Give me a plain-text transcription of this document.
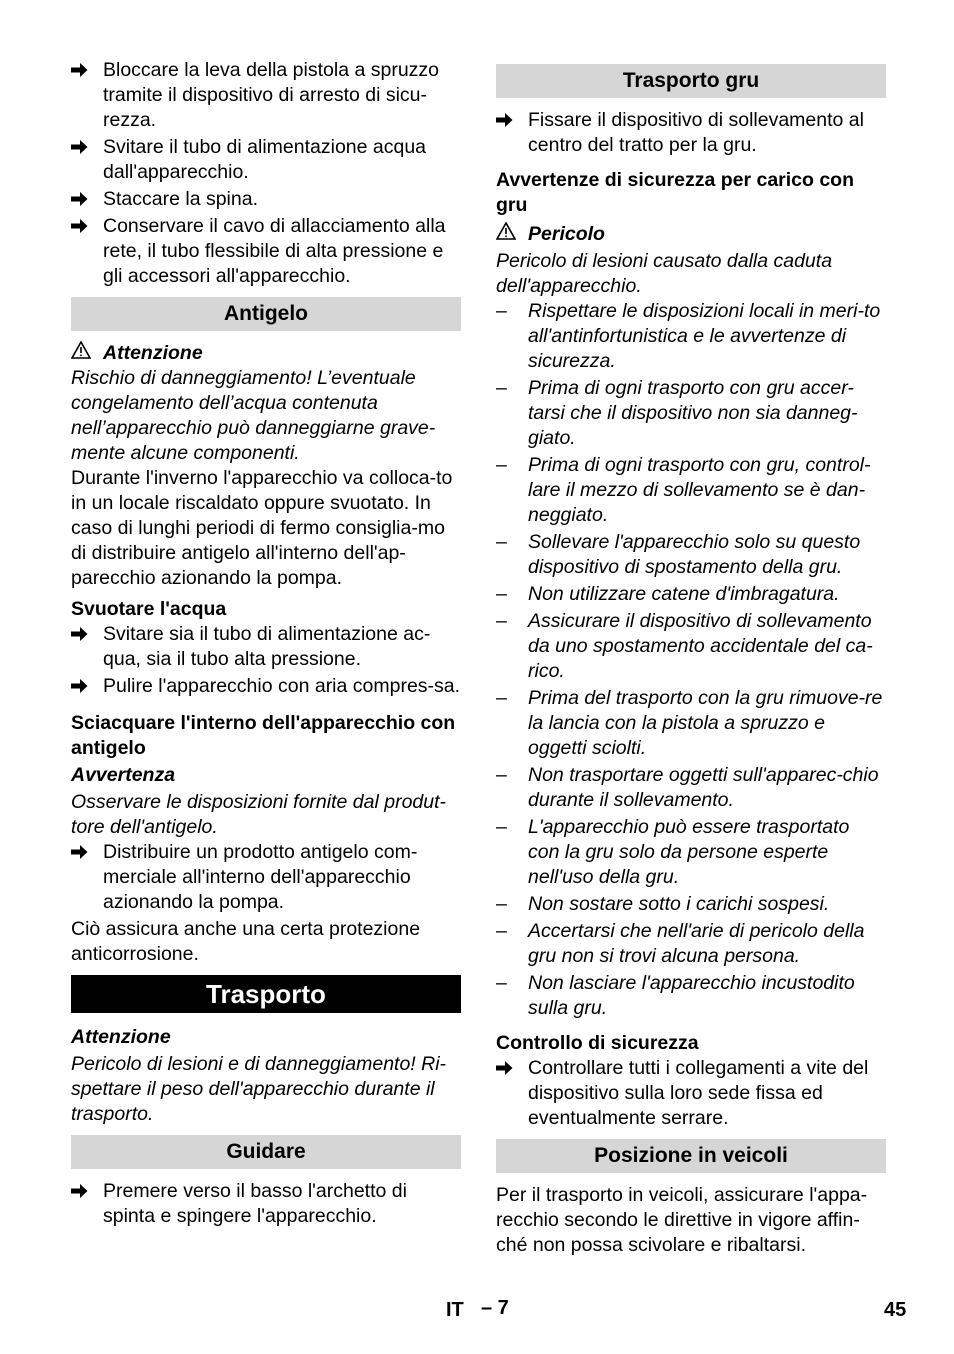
Bloccare la leva della pistola a spruzzo tramite il dispositivo di arresto di sicu-rezza.
Svitare il tubo di alimentazione acqua dall'apparecchio.
Staccare la spina.
Conservare il cavo di allacciamento alla rete, il tubo flessibile di alta pressione e gli accessori all'apparecchio.
Antigelo
Attenzione

Rischio di danneggiamento! L’eventuale congelamento dell’acqua contenuta nell’apparecchio può danneggiarne grave-mente alcune componenti.

Durante l'inverno l'apparecchio va colloca-to in un locale riscaldato oppure svuotato. In caso di lunghi periodi di fermo consiglia-mo di distribuire antigelo all'interno dell'ap-parecchio azionando la pompa.

Svuotare l'acqua
Svitare sia il tubo di alimentazione ac-qua, sia il tubo alta pressione.
Pulire l'apparecchio con aria compres-sa.
Sciacquare l'interno dell'apparecchio con antigelo
Avvertenza

Osservare le disposizioni fornite dal produt-tore dell'antigelo.

Distribuire un prodotto antigelo com-merciale all'interno dell'apparecchio azionando la pompa.

Ciò assicura anche una certa protezione anticorrosione.

Trasporto
Attenzione

Pericolo di lesioni e di danneggiamento! Ri-spettare il peso dell'apparecchio durante il trasporto.

Guidare
Premere verso il basso l'archetto di spinta e spingere l'apparecchio.
Trasporto gru
Fissare il dispositivo di sollevamento al centro del tratto per la gru.
Avvertenze di sicurezza per carico con gru
Pericolo

Pericolo di lesioni causato dalla caduta dell'apparecchio.

–	Rispettare le disposizioni locali in meri-to all'antinfortunistica e le avvertenze di sicurezza.
–	Prima di ogni trasporto con gru accer-tarsi che il dispositivo non sia danneg-giato.
–	Prima di ogni trasporto con gru, control-lare il mezzo di sollevamento se è dan-neggiato.
–	Sollevare l'apparecchio solo su questo dispositivo di spostamento della gru.
–	Non utilizzare catene d'imbragatura.
–	Assicurare il dispositivo di sollevamento da uno spostamento accidentale del ca-rico.
–	Prima del trasporto con la gru rimuove-re la lancia con la pistola a spruzzo e oggetti sciolti.
–	Non trasportare oggetti sull'apparec-chio durante il sollevamento.
–	L'apparecchio può essere trasportato con la gru solo da persone esperte nell'uso della gru.
–	Non sostare sotto i carichi sospesi.
–	Accertarsi che nell'arie di pericolo della gru non si trovi alcuna persona.
–	Non lasciare l'apparecchio incustodito sulla gru.
Controllo di sicurezza
Controllare tutti i collegamenti a vite del dispositivo sulla loro sede fissa ed eventualmente serrare.
Posizione in veicoli

Per il trasporto in veicoli, assicurare l'appa-recchio secondo le direttive in vigore affin-ché non possa scivolare e ribaltarsi.

IT – 7	45
